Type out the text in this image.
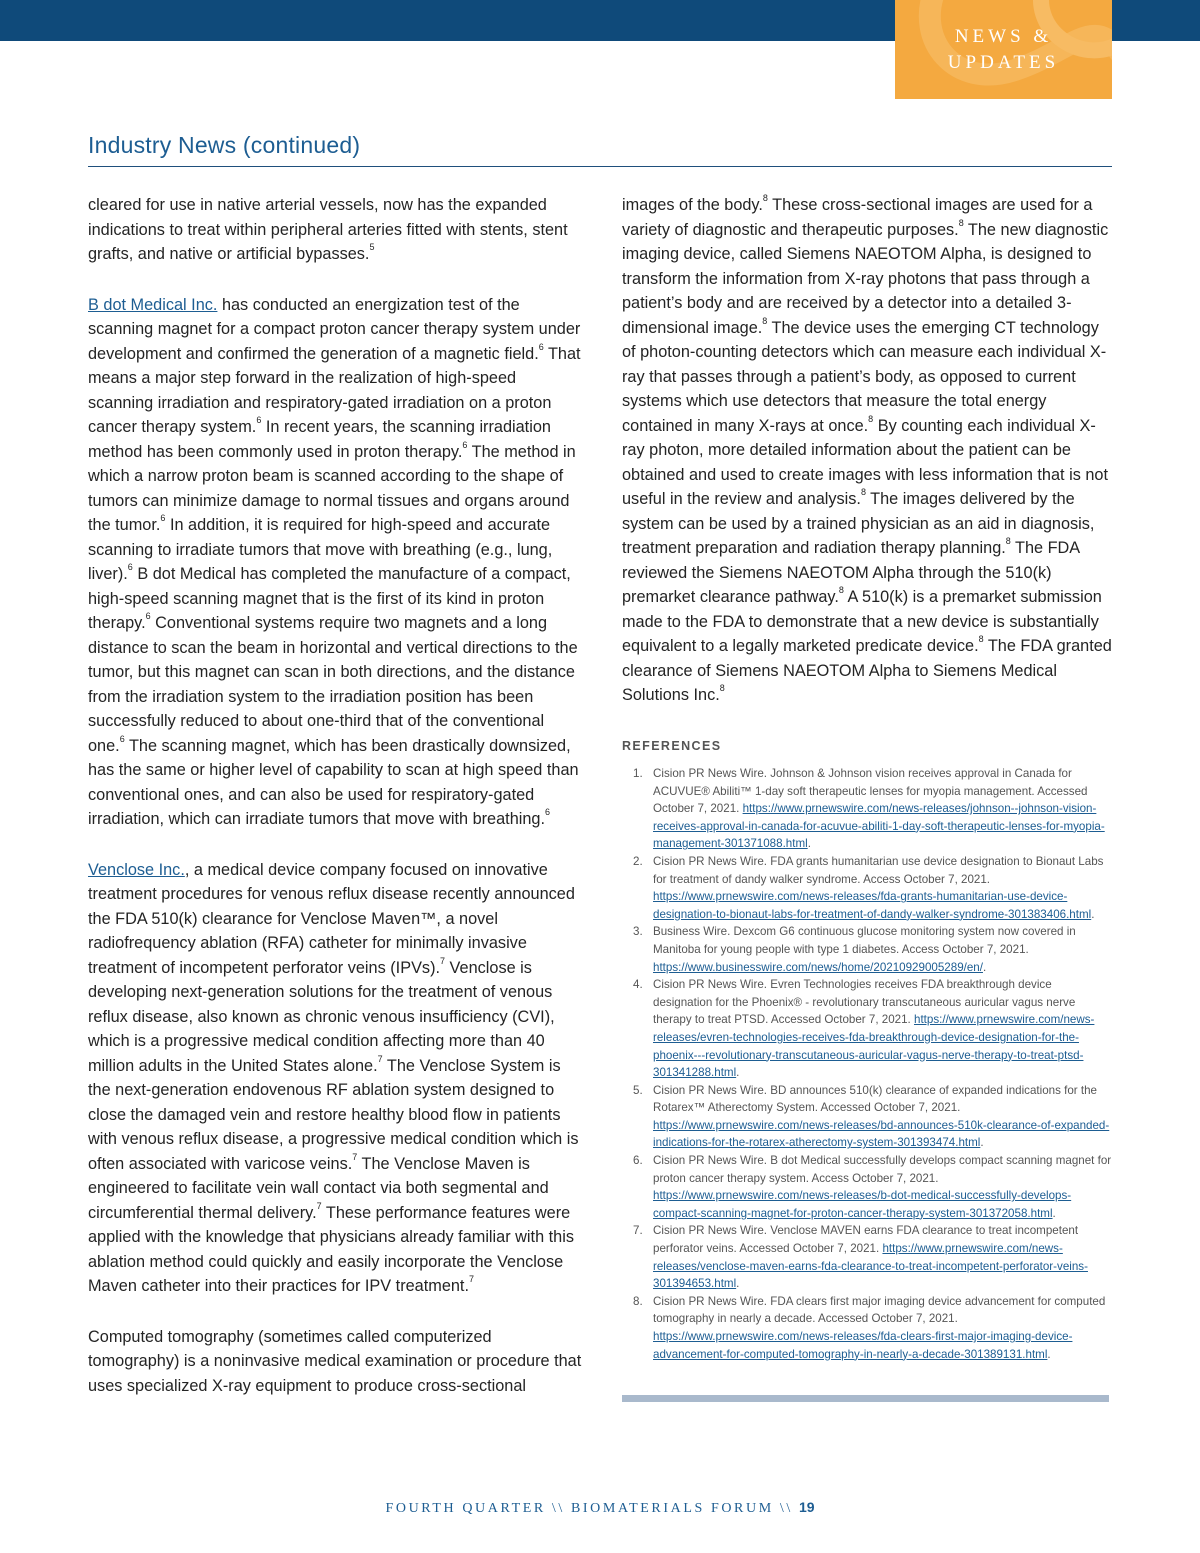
NEWS &
UPDATES
Industry News (continued)

cleared for use in native arterial vessels, now has the expanded indications to treat within peripheral arteries fitted with stents, stent grafts, and native or artificial bypasses.$^5$

B dot Medical Inc. has conducted an energization test of the scanning magnet for a compact proton cancer therapy system under development and confirmed the generation of a magnetic field.$^6$ That means a major step forward in the realization of high-speed scanning irradiation and respiratory-gated irradiation on a proton cancer therapy system.$^6$ In recent years, the scanning irradiation method has been commonly used in proton therapy.$^6$ The method in which a narrow proton beam is scanned according to the shape of tumors can minimize damage to normal tissues and organs around the tumor.$^6$ In addition, it is required for high-speed and accurate scanning to irradiate tumors that move with breathing (e.g., lung, liver).$^6$ B dot Medical has completed the manufacture of a compact, high-speed scanning magnet that is the first of its kind in proton therapy.$^6$ Conventional systems require two magnets and a long distance to scan the beam in horizontal and vertical directions to the tumor, but this magnet can scan in both directions, and the distance from the irradiation system to the irradiation position has been successfully reduced to about one-third that of the conventional one.$^6$ The scanning magnet, which has been drastically downsized, has the same or higher level of capability to scan at high speed than conventional ones, and can also be used for respiratory-gated irradiation, which can irradiate tumors that move with breathing.$^6$

Venclose Inc., a medical device company focused on innovative treatment procedures for venous reflux disease recently announced the FDA 510(k) clearance for Venclose Maven™, a novel radiofrequency ablation (RFA) catheter for minimally invasive treatment of incompetent perforator veins (IPVs).$^7$ Venclose is developing next-generation solutions for the treatment of venous reflux disease, also known as chronic venous insufficiency (CVI), which is a progressive medical condition affecting more than 40 million adults in the United States alone.$^7$ The Venclose System is the next-generation endovenous RF ablation system designed to close the damaged vein and restore healthy blood flow in patients with venous reflux disease, a progressive medical condition which is often associated with varicose veins.$^7$ The Venclose Maven is engineered to facilitate vein wall contact via both segmental and circumferential thermal delivery.$^7$ These performance features were applied with the knowledge that physicians already familiar with this ablation method could quickly and easily incorporate the Venclose Maven catheter into their practices for IPV treatment.$^7$

Computed tomography (sometimes called computerized tomography) is a noninvasive medical examination or procedure that uses specialized X-ray equipment to produce cross-sectional

images of the body.$^8$ These cross-sectional images are used for a variety of diagnostic and therapeutic purposes.$^8$ The new diagnostic imaging device, called Siemens NAEOTOM Alpha, is designed to transform the information from X-ray photons that pass through a patient’s body and are received by a detector into a detailed 3-dimensional image.$^8$ The device uses the emerging CT technology of photon-counting detectors which can measure each individual X-ray that passes through a patient’s body, as opposed to current systems which use detectors that measure the total energy contained in many X-rays at once.$^8$ By counting each individual X-ray photon, more detailed information about the patient can be obtained and used to create images with less information that is not useful in the review and analysis.$^8$ The images delivered by the system can be used by a trained physician as an aid in diagnosis, treatment preparation and radiation therapy planning.$^8$ The FDA reviewed the Siemens NAEOTOM Alpha through the 510(k) premarket clearance pathway.$^8$ A 510(k) is a premarket submission made to the FDA to demonstrate that a new device is substantially equivalent to a legally marketed predicate device.$^8$ The FDA granted clearance of Siemens NAEOTOM Alpha to Siemens Medical Solutions Inc.$^8$

REFERENCES
1. Cision PR News Wire. Johnson & Johnson vision receives approval in Canada for ACUVUE® Abiliti™ 1-day soft therapeutic lenses for myopia management. Accessed October 7, 2021. https://www.prnewswire.com/news-releases/johnson--johnson-vision-receives-approval-in-canada-for-acuvue-abiliti-1-day-soft-therapeutic-lenses-for-myopia-management-301371088.html.
2. Cision PR News Wire. FDA grants humanitarian use device designation to Bionaut Labs for treatment of dandy walker syndrome. Access October 7, 2021. https://www.prnewswire.com/news-releases/fda-grants-humanitarian-use-device-designation-to-bionaut-labs-for-treatment-of-dandy-walker-syndrome-301383406.html.
3. Business Wire. Dexcom G6 continuous glucose monitoring system now covered in Manitoba for young people with type 1 diabetes. Access October 7, 2021. https://www.businesswire.com/news/home/20210929005289/en/.
4. Cision PR News Wire. Evren Technologies receives FDA breakthrough device designation for the Phoenix® - revolutionary transcutaneous auricular vagus nerve therapy to treat PTSD. Accessed October 7, 2021. https://www.prnewswire.com/news-releases/evren-technologies-receives-fda-breakthrough-device-designation-for-the-phoenix---revolutionary-transcutaneous-auricular-vagus-nerve-therapy-to-treat-ptsd-301341288.html.
5. Cision PR News Wire. BD announces 510(k) clearance of expanded indications for the Rotarex™ Atherectomy System. Accessed October 7, 2021. https://www.prnewswire.com/news-releases/bd-announces-510k-clearance-of-expanded-indications-for-the-rotarex-atherectomy-system-301393474.html.
6. Cision PR News Wire. B dot Medical successfully develops compact scanning magnet for proton cancer therapy system. Access October 7, 2021. https://www.prnewswire.com/news-releases/b-dot-medical-successfully-develops-compact-scanning-magnet-for-proton-cancer-therapy-system-301372058.html.
7. Cision PR News Wire. Venclose MAVEN earns FDA clearance to treat incompetent perforator veins. Accessed October 7, 2021. https://www.prnewswire.com/news-releases/venclose-maven-earns-fda-clearance-to-treat-incompetent-perforator-veins-301394653.html.
8. Cision PR News Wire. FDA clears first major imaging device advancement for computed tomography in nearly a decade. Accessed October 7, 2021. https://www.prnewswire.com/news-releases/fda-clears-first-major-imaging-device-advancement-for-computed-tomography-in-nearly-a-decade-301389131.html.
FOURTH QUARTER \\ BIOMATERIALS FORUM \\ 19
